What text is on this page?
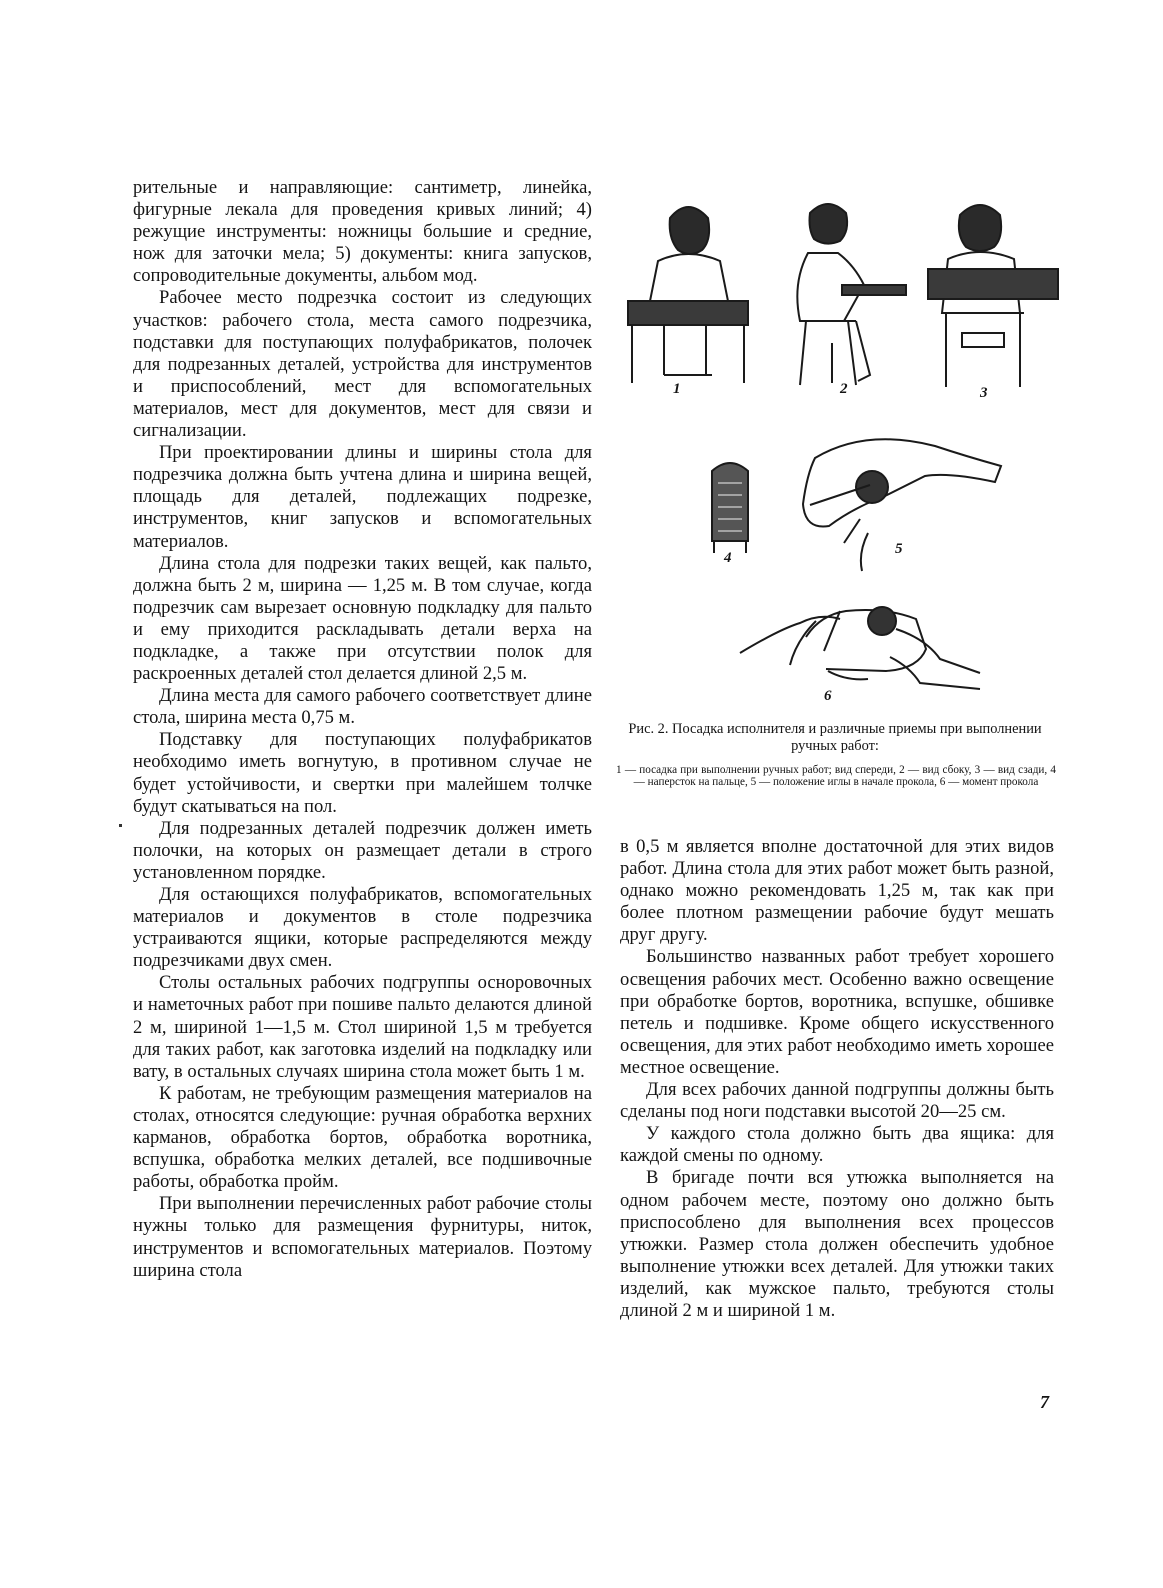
рительные и направляющие: сантиметр, линейка, фигурные лекала для проведения кривых линий; 4) режущие инструменты: ножницы большие и средние, нож для заточки мела; 5) документы: книга запусков, сопроводительные документы, альбом мод.

Рабочее место подрезчка состоит из следующих участков: рабочего стола, места самого подрезчика, подставки для поступающих полуфабрикатов, полочек для подрезанных деталей, устройства для инструментов и приспособлений, мест для вспомогательных материалов, мест для документов, мест для связи и сигнализации.

При проектировании длины и ширины стола для подрезчика должна быть учтена длина и ширина вещей, площадь для деталей, подлежащих подрезке, инструментов, книг запусков и вспомогательных материалов.

Длина стола для подрезки таких вещей, как пальто, должна быть 2 м, ширина — 1,25 м. В том случае, когда подрезчик сам вырезает основную подкладку для пальто и ему приходится раскладывать детали верха на подкладке, а также при отсутствии полок для раскроенных деталей стол делается длиной 2,5 м.

Длина места для самого рабочего соответствует длине стола, ширина места 0,75 м.

Подставку для поступающих полуфабрикатов необходимо иметь вогнутую, в противном случае не будет устойчивости, и свертки при малейшем толчке будут скатываться на пол.

Для подрезанных деталей подрезчик должен иметь полочки, на которых он размещает детали в строго установленном порядке.

Для остающихся полуфабрикатов, вспомогательных материалов и документов в столе подрезчика устраиваются ящики, которые распределяются между подрезчиками двух смен.

Столы остальных рабочих подгруппы осноровочных и наметочных работ при пошиве пальто делаются длиной 2 м, шириной 1—1,5 м. Стол шириной 1,5 м требуется для таких работ, как заготовка изделий на подкладку или вату, в остальных случаях ширина стола может быть 1 м.

К работам, не требующим размещения материалов на столах, относятся следующие: ручная обработка верхних карманов, обработка бортов, обработка воротника, вспушка, обработка мелких деталей, все подшивочные работы, обработка пройм.

При выполнении перечисленных работ рабочие столы нужны только для размещения фурнитуры, ниток, инструментов и вспомогательных материалов. Поэтому ширина стола

1	2	3
4
5
6
Рис. 2. Посадка исполнителя и различные приемы при выполнении ручных работ:
1 — посадка при выполнении ручных работ; вид спереди, 2 — вид сбоку, 3 — вид сзади, 4 — наперсток на пальце, 5 — положение иглы в начале прокола, 6 — момент прокола

в 0,5 м является вполне достаточной для этих видов работ. Длина стола для этих работ может быть разной, однако можно рекомендовать 1,25 м, так как при более плотном размещении рабочие будут мешать друг другу.

Большинство названных работ требует хорошего освещения рабочих мест. Особенно важно освещение при обработке бортов, воротника, вспушке, обшивке петель и подшивке. Кроме общего искусственного освещения, для этих работ необходимо иметь хорошее местное освещение.

Для всех рабочих данной подгруппы должны быть сделаны под ноги подставки высотой 20—25 см.

У каждого стола должно быть два ящика: для каждой смены по одному.

В бригаде почти вся утюжка выполняется на одном рабочем месте, поэтому оно должно быть приспособлено для выполнения всех процессов утюжки. Размер стола должен обеспечить удобное выполнение утюжки всех деталей. Для утюжки таких изделий, как мужское пальто, требуются столы длиной 2 м и шириной 1 м.

7
